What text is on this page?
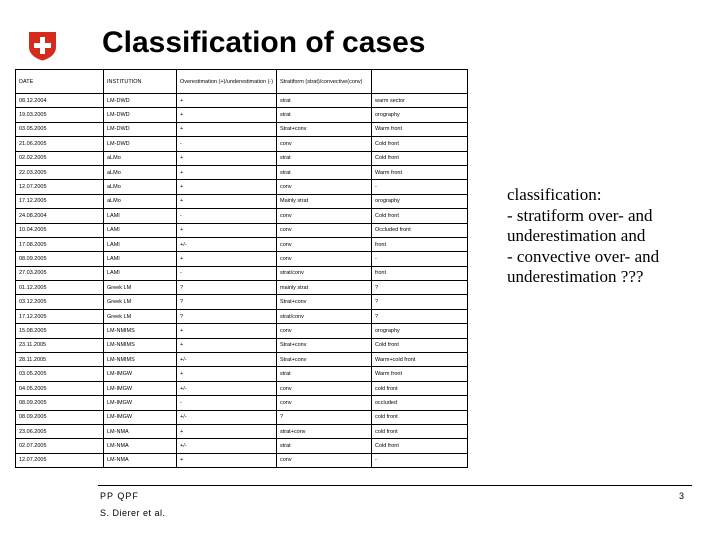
Classification of cases
DATE	INSTITUTION	Overestimation (+)/underestimation (-)	Stratiform (strat)/convective(conv)	
08.12.2004	LM-DWD	+	strat	warm sector
19.03.2005	LM-DWD	+	strat	orography
03.05.2005	LM-DWD	+	Strat+conv	Warm front
21.06.2005	LM-DWD	-	conv	Cold front
02.02.2005	aLMo	+	strat	Cold front
22.03.2005	aLMo	+	strat	Warm front
12.07.2005	aLMo	+	conv	-
17.12.2005	aLMo	+	Mainly strat	orography
24.08.2004	LAMI	-	conv	Cold front
10.04.2005	LAMI	+	conv	Occluded front
17.08.2005	LAMI	+/-	conv	front
08.09.2005	LAMI	+	conv	-
27.03.2005	LAMI	-	strat/conv	front
01.12.2005	Greek LM	?	mainly strat	?
03.12.2005	Greek LM	?	Strat+conv	?
17.12.2005	Greek LM	?	strat/conv	?
15.08.2005	LM-NMIMS	+	conv	orography
23.11.2005	LM-NMIMS	+	Strat+conv	Cold front
28.11.2005	LM-NMIMS	+/-	Strat+conv	Warm+cold front
03.05.2005	LM-IMGW	+	strat	Warm front
04.05.2005	LM-IMGW	+/-	conv	cold front
08.09.2005	LM-IMGW	-	conv	occluded
08.09.2005	LM-IMGW	+/-	?	cold front
23.06.2005	LM-NMA	+	strat+conv	cold front
02.07.2005	LM-NMA	+/-	strat	Cold front
12.07.2005	LM-NMA	+	conv	-
classification:
- stratiform over- and
underestimation and
- convective over- and
underestimation ???
PP QPF
S. Dierer et al.
3
